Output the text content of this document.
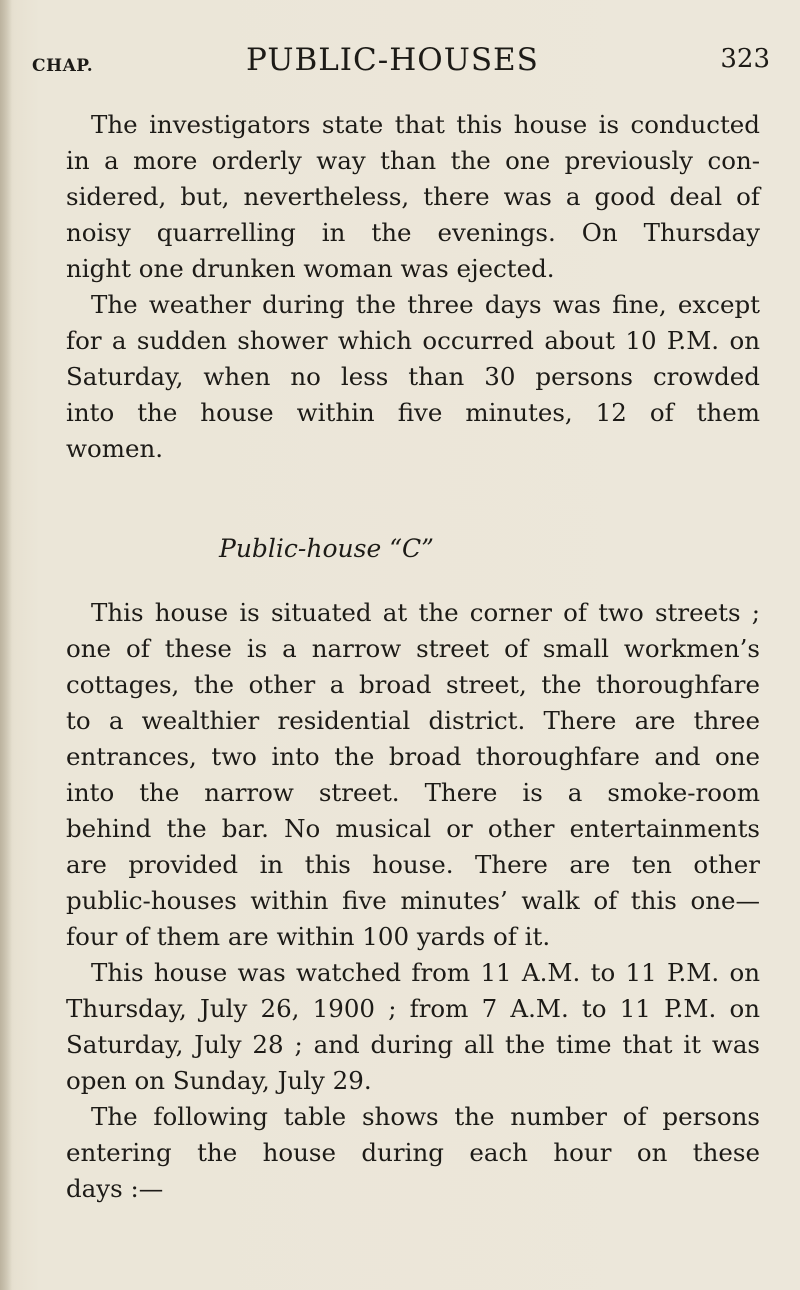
CHAP.	PUBLIC-HOUSES	323
The investigators state that this house is conducted
in a more orderly way than the one previously con-
sidered, but, nevertheless, there was a good deal of
noisy quarrelling in the evenings. On Thursday
night one drunken woman was ejected.
The weather during the three days was fine, except
for a sudden shower which occurred about 10 P.M. on
Saturday, when no less than 30 persons crowded
into the house within five minutes, 12 of them
women.
Public-house “C”
This house is situated at the corner of two streets ;
one of these is a narrow street of small workmen’s
cottages, the other a broad street, the thoroughfare
to a wealthier residential district. There are three
entrances, two into the broad thoroughfare and one
into the narrow street. There is a smoke-room
behind the bar. No musical or other entertainments
are provided in this house. There are ten other
public-houses within five minutes’ walk of this one—
four of them are within 100 yards of it.
This house was watched from 11 A.M. to 11 P.M. on
Thursday, July 26, 1900 ; from 7 A.M. to 11 P.M. on
Saturday, July 28 ; and during all the time that it was
open on Sunday, July 29.
The following table shows the number of persons
entering the house during each hour on these
days :—
